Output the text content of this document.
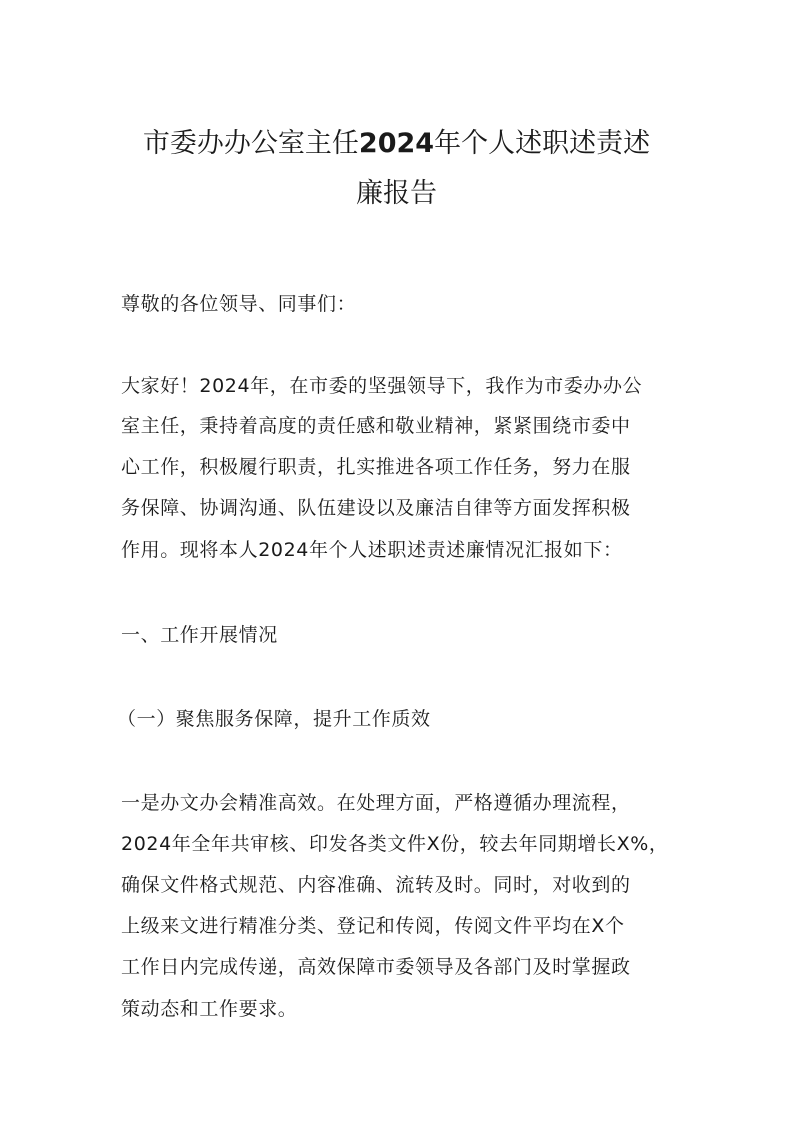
市委办办公室主任2024年个人述职述责述
廉报告
尊敬的各位领导、同事们：
大家好！2024年，在市委的坚强领导下，我作为市委办办公
室主任，秉持着高度的责任感和敬业精神，紧紧围绕市委中
心工作，积极履行职责，扎实推进各项工作任务，努力在服
务保障、协调沟通、队伍建设以及廉洁自律等方面发挥积极
作用。现将本人2024年个人述职述责述廉情况汇报如下：
一、工作开展情况
（一）聚焦服务保障，提升工作质效
一是办文办会精准高效。在处理方面，严格遵循办理流程，
2024年全年共审核、印发各类文件X份，较去年同期增长X%，
确保文件格式规范、内容准确、流转及时。同时，对收到的
上级来文进行精准分类、登记和传阅，传阅文件平均在X个
工作日内完成传递，高效保障市委领导及各部门及时掌握政
策动态和工作要求。
